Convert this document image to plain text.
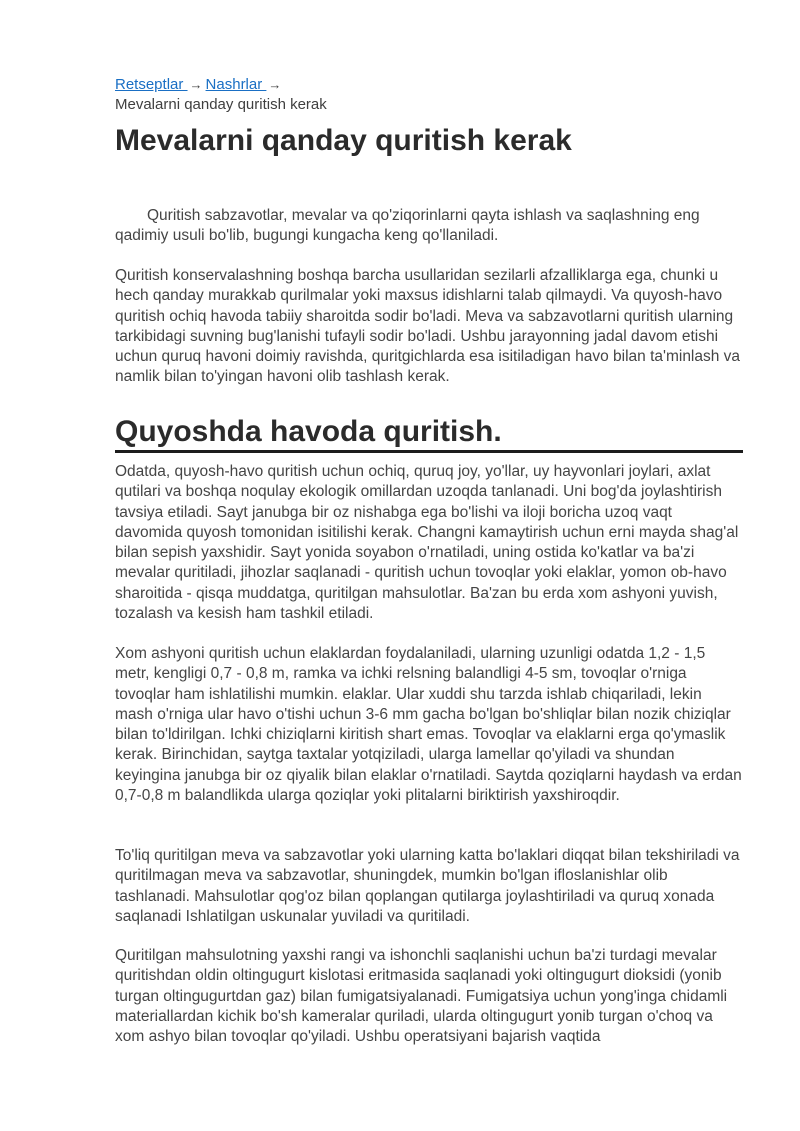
Retseptlar → Nashrlar →
Mevalarni qanday quritish kerak
Mevalarni qanday quritish kerak

Quritish sabzavotlar, mevalar va qo'ziqorinlarni qayta ishlash va saqlashning eng qadimiy usuli bo'lib, bugungi kungacha keng qo'llaniladi.

Quritish konservalashning boshqa barcha usullaridan sezilarli afzalliklarga ega, chunki u hech qanday murakkab qurilmalar yoki maxsus idishlarni talab qilmaydi. Va quyosh-havo quritish ochiq havoda tabiiy sharoitda sodir bo'ladi. Meva va sabzavotlarni quritish ularning tarkibidagi suvning bug'lanishi tufayli sodir bo'ladi. Ushbu jarayonning jadal davom etishi uchun quruq havoni doimiy ravishda, quritgichlarda esa isitiladigan havo bilan ta'minlash va namlik bilan to'yingan havoni olib tashlash kerak.

Quyoshda havoda quritish.

Odatda, quyosh-havo quritish uchun ochiq, quruq joy, yo'llar, uy hayvonlari joylari, axlat qutilari va boshqa noqulay ekologik omillardan uzoqda tanlanadi. Uni bog'da joylashtirish tavsiya etiladi. Sayt janubga bir oz nishabga ega bo'lishi va iloji boricha uzoq vaqt davomida quyosh tomonidan isitilishi kerak. Changni kamaytirish uchun erni mayda shag'al bilan sepish yaxshidir. Sayt yonida soyabon o'rnatiladi, uning ostida ko'katlar va ba'zi mevalar quritiladi, jihozlar saqlanadi - quritish uchun tovoqlar yoki elaklar, yomon ob-havo sharoitida - qisqa muddatga, quritilgan mahsulotlar. Ba'zan bu erda xom ashyoni yuvish, tozalash va kesish ham tashkil etiladi.

Xom ashyoni quritish uchun elaklardan foydalaniladi, ularning uzunligi odatda 1,2 - 1,5 metr, kengligi 0,7 - 0,8 m, ramka va ichki relsning balandligi 4-5 sm, tovoqlar o'rniga tovoqlar ham ishlatilishi mumkin. elaklar. Ular xuddi shu tarzda ishlab chiqariladi, lekin mash o'rniga ular havo o'tishi uchun 3-6 mm gacha bo'lgan bo'shliqlar bilan nozik chiziqlar bilan to'ldirilgan. Ichki chiziqlarni kiritish shart emas. Tovoqlar va elaklarni erga qo'ymaslik kerak. Birinchidan, saytga taxtalar yotqiziladi, ularga lamellar qo'yiladi va shundan keyingina janubga bir oz qiyalik bilan elaklar o'rnatiladi. Saytda qoziqlarni haydash va erdan 0,7-0,8 m balandlikda ularga qoziqlar yoki plitalarni biriktirish yaxshiroqdir.

To'liq quritilgan meva va sabzavotlar yoki ularning katta bo'laklari diqqat bilan tekshiriladi va quritilmagan meva va sabzavotlar, shuningdek, mumkin bo'lgan ifloslanishlar olib tashlanadi. Mahsulotlar qog'oz bilan qoplangan qutilarga joylashtiriladi va quruq xonada saqlanadi Ishlatilgan uskunalar yuviladi va quritiladi.

Quritilgan mahsulotning yaxshi rangi va ishonchli saqlanishi uchun ba'zi turdagi mevalar quritishdan oldin oltingugurt kislotasi eritmasida saqlanadi yoki oltingugurt dioksidi (yonib turgan oltingugurtdan gaz) bilan fumigatsiyalanadi. Fumigatsiya uchun yong'inga chidamli materiallardan kichik bo'sh kameralar quriladi, ularda oltingugurt yonib turgan o'choq va xom ashyo bilan tovoqlar qo'yiladi. Ushbu operatsiyani bajarish vaqtida
